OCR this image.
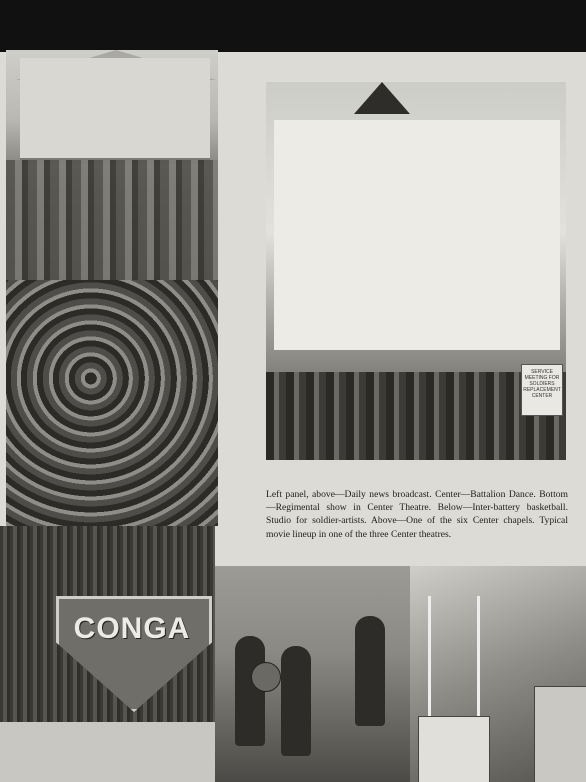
SERVICE MEETING FOR SOLDIERS REPLACEMENT CENTER
CONGA
Left panel, above—Daily news broadcast. Center—Battalion Dance. Bottom—Regimental show in Center Theatre. Below—Inter-battery basketball. Studio for soldier-artists. Above—One of the six Center chapels. Typical movie lineup in one of the three Center theatres.
